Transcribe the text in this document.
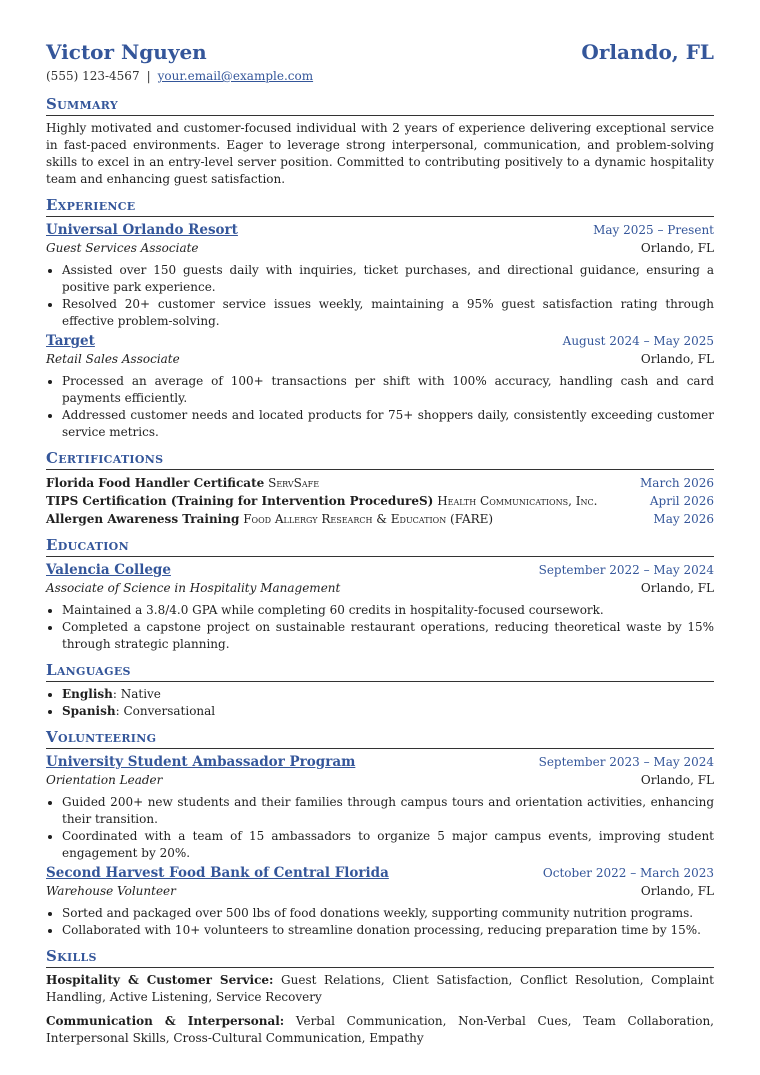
Victor Nguyen	Orlando, FL
(555) 123-4567 | your.email@example.com
Summary
Highly motivated and customer-focused individual with 2 years of experience delivering exceptional service in fast-paced environments. Eager to leverage strong interpersonal, communication, and problem-solving skills to excel in an entry-level server position. Committed to contributing positively to a dynamic hospitality team and enhancing guest satisfaction.
Experience
Universal Orlando Resort	May 2025 – Present
Guest Services Associate	Orlando, FL
• Assisted over 150 guests daily with inquiries, ticket purchases, and directional guidance, ensuring a positive park experience.
• Resolved 20+ customer service issues weekly, maintaining a 95% guest satisfaction rating through effective problem-solving.
Target	August 2024 – May 2025
Retail Sales Associate	Orlando, FL
• Processed an average of 100+ transactions per shift with 100% accuracy, handling cash and card payments efficiently.
• Addressed customer needs and located products for 75+ shoppers daily, consistently exceeding customer service metrics.
Certifications
Florida Food Handler Certificate ServSafe	March 2026
TIPS Certification (Training for Intervention ProcedureS) Health Communications, Inc.	April 2026
Allergen Awareness Training Food Allergy Research & Education (FARE)	May 2026
Education
Valencia College	September 2022 – May 2024
Associate of Science in Hospitality Management	Orlando, FL
• Maintained a 3.8/4.0 GPA while completing 60 credits in hospitality-focused coursework.
• Completed a capstone project on sustainable restaurant operations, reducing theoretical waste by 15% through strategic planning.
Languages
• English: Native
• Spanish: Conversational
Volunteering
University Student Ambassador Program	September 2023 – May 2024
Orientation Leader	Orlando, FL
• Guided 200+ new students and their families through campus tours and orientation activities, enhancing their transition.
• Coordinated with a team of 15 ambassadors to organize 5 major campus events, improving student engagement by 20%.
Second Harvest Food Bank of Central Florida	October 2022 – March 2023
Warehouse Volunteer	Orlando, FL
• Sorted and packaged over 500 lbs of food donations weekly, supporting community nutrition programs.
• Collaborated with 10+ volunteers to streamline donation processing, reducing preparation time by 15%.
Skills
Hospitality & Customer Service: Guest Relations, Client Satisfaction, Conflict Resolution, Complaint Handling, Active Listening, Service Recovery
Communication & Interpersonal: Verbal Communication, Non-Verbal Cues, Team Collaboration, Interpersonal Skills, Cross-Cultural Communication, Empathy
